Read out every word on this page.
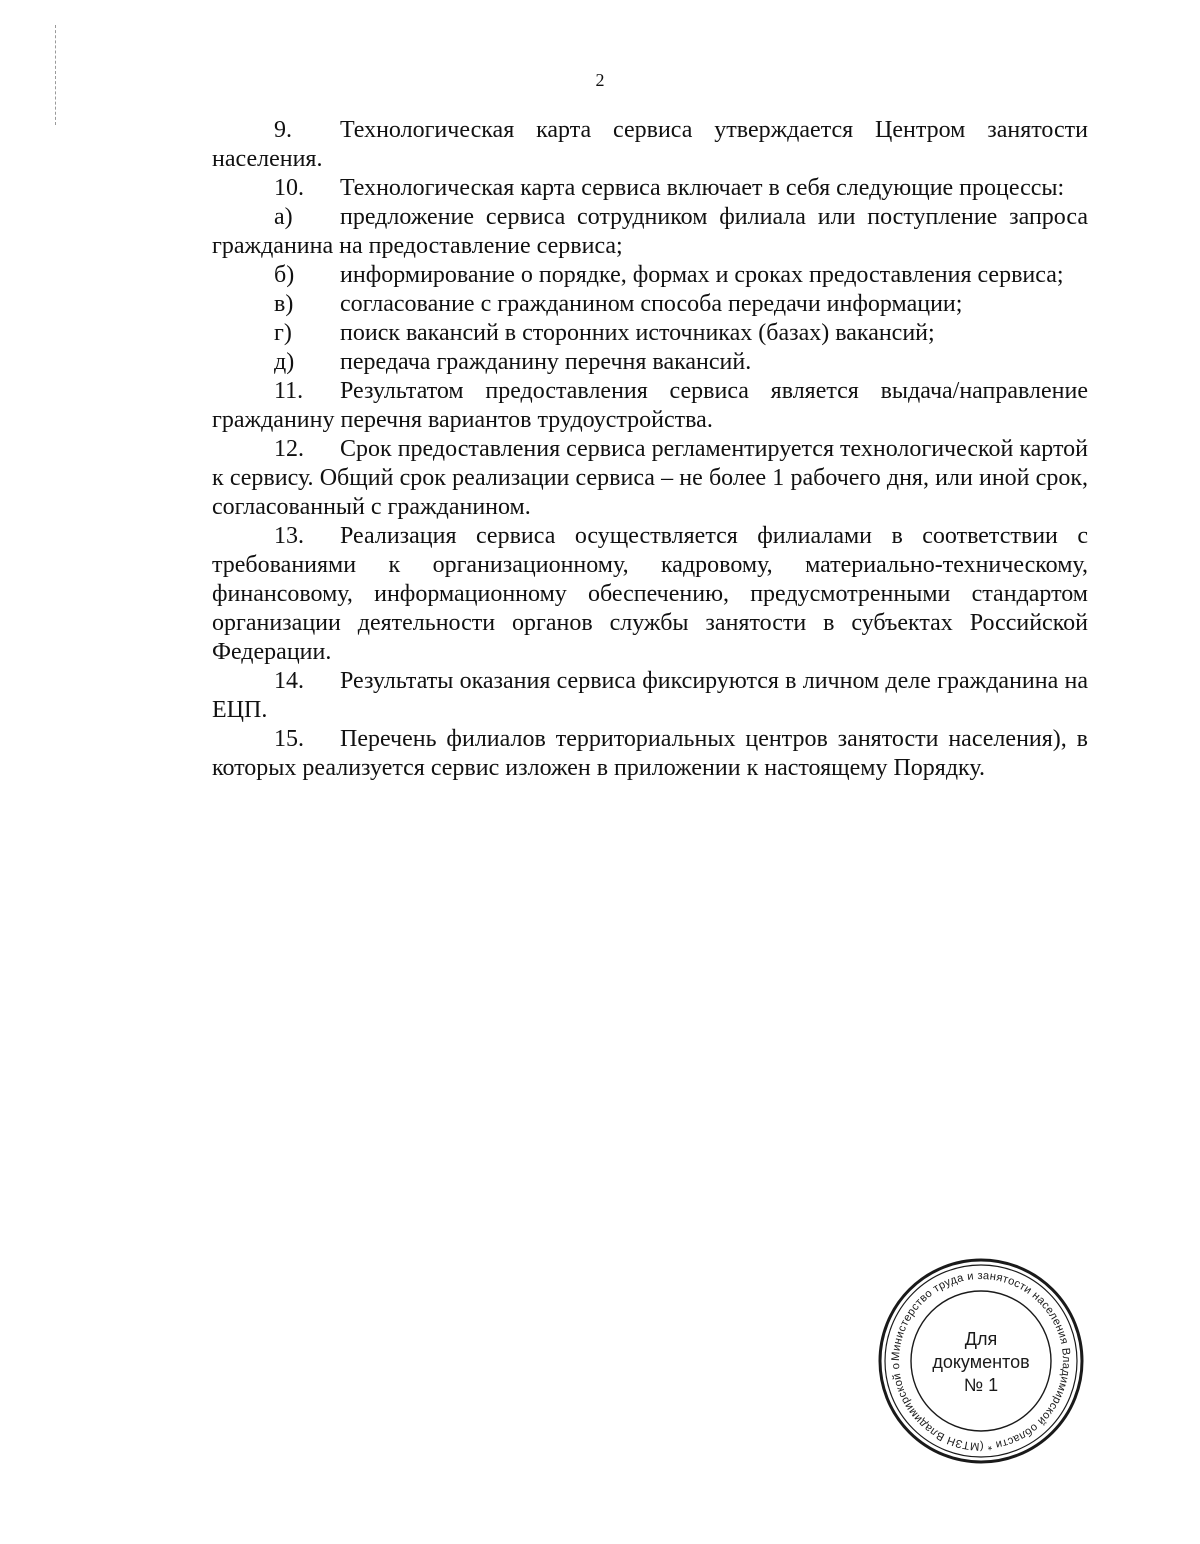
2

9. Технологическая карта сервиса утверждается Центром занятости населения.

10. Технологическая карта сервиса включает в себя следующие процессы:

а) предложение сервиса сотрудником филиала или поступление запроса гражданина на предоставление сервиса;

б) информирование о порядке, формах и сроках предоставления сервиса;

в) согласование с гражданином способа передачи информации;

г) поиск вакансий в сторонних источниках (базах) вакансий;

д) передача гражданину перечня вакансий.

11. Результатом предоставления сервиса является выдача/направление гражданину перечня вариантов трудоустройства.

12. Срок предоставления сервиса регламентируется технологической картой к сервису. Общий срок реализации сервиса – не более 1 рабочего дня, или иной срок, согласованный с гражданином.

13. Реализация сервиса осуществляется филиалами в соответствии с требованиями к организационному, кадровому, материально-техническому, финансовому, информационному обеспечению, предусмотренными стандартом организации деятельности органов службы занятости в субъектах Российской Федерации.

14. Результаты оказания сервиса фиксируются в личном деле гражданина на ЕЦП.

15. Перечень филиалов территориальных центров занятости населения), в которых реализуется сервис изложен в приложении к настоящему Порядку.

Министерство труда и занятости населения Владимирской области * (МТЗН Владимирской о
Для
документов
№ 1
